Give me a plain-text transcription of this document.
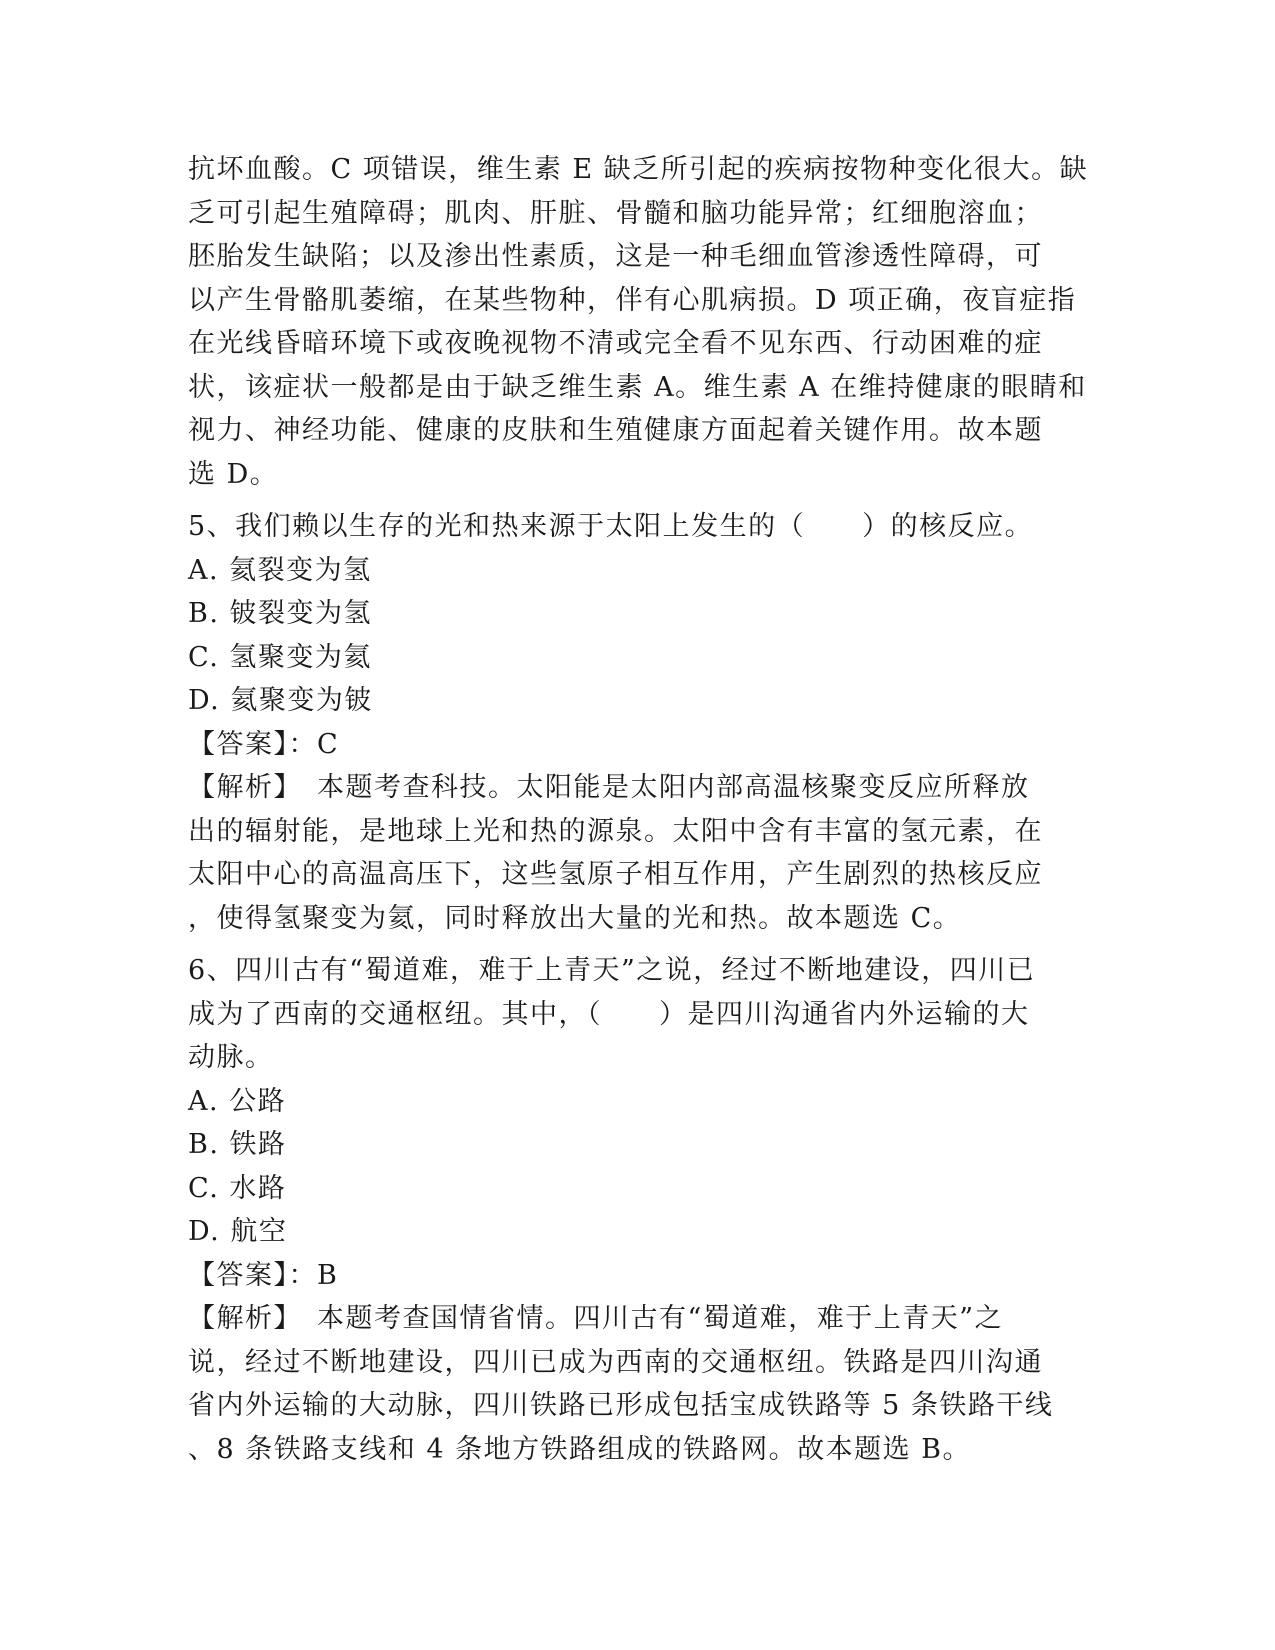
抗坏血酸。C 项错误，维生素 E 缺乏所引起的疾病按物种变化很大。缺
乏可引起生殖障碍；肌肉、肝脏、骨髓和脑功能异常；红细胞溶血；
胚胎发生缺陷；以及渗出性素质，这是一种毛细血管渗透性障碍，可
以产生骨骼肌萎缩，在某些物种，伴有心肌病损。D 项正确，夜盲症指
在光线昏暗环境下或夜晚视物不清或完全看不见东西、行动困难的症
状，该症状一般都是由于缺乏维生素 A。维生素 A 在维持健康的眼睛和
视力、神经功能、健康的皮肤和生殖健康方面起着关键作用。故本题
选 D。
5、我们赖以生存的光和热来源于太阳上发生的（　　）的核反应。
A. 氦裂变为氢
B. 铍裂变为氢
C. 氢聚变为氦
D. 氦聚变为铍
【答案】：C
【解析】　本题考查科技。太阳能是太阳内部高温核聚变反应所释放
出的辐射能，是地球上光和热的源泉。太阳中含有丰富的氢元素，在
太阳中心的高温高压下，这些氢原子相互作用，产生剧烈的热核反应
，使得氢聚变为氦，同时释放出大量的光和热。故本题选 C。
6、四川古有“蜀道难，难于上青天”之说，经过不断地建设，四川已
成为了西南的交通枢纽。其中，（　　）是四川沟通省内外运输的大
动脉。
A. 公路
B. 铁路
C. 水路
D. 航空
【答案】：B
【解析】　本题考查国情省情。四川古有“蜀道难，难于上青天”之
说，经过不断地建设，四川已成为西南的交通枢纽。铁路是四川沟通
省内外运输的大动脉，四川铁路已形成包括宝成铁路等 5 条铁路干线
、8 条铁路支线和 4 条地方铁路组成的铁路网。故本题选 B。
